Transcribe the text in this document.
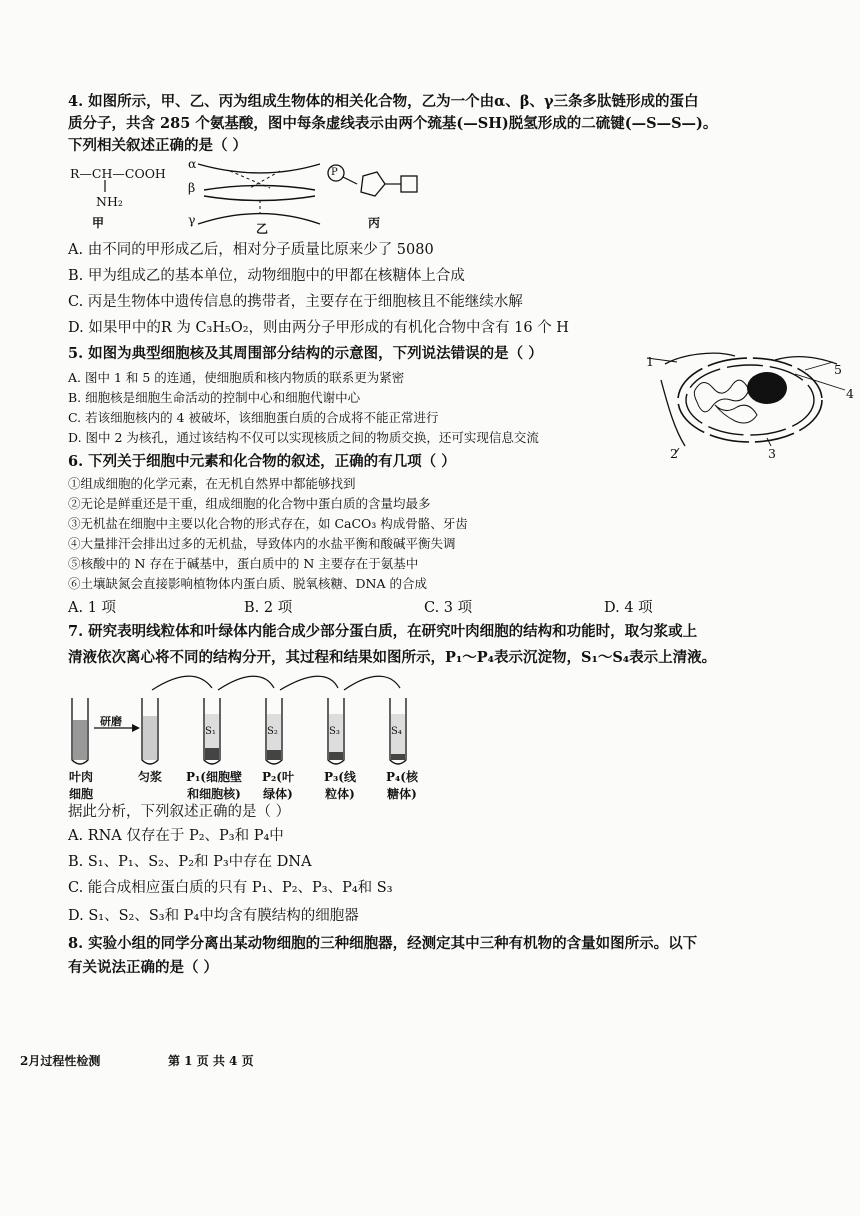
4. 如图所示，甲、乙、丙为组成生物体的相关化合物，乙为一个由α、β、γ三条多肽链形成的蛋白
质分子，共含 285 个氨基酸，图中每条虚线表示由两个巯基(—SH)脱氢形成的二硫键(—S—S—)。
下列相关叙述正确的是（ ）
R—CH—COOH
NH₂
α
β
γ
P
甲	乙	丙
A. 由不同的甲形成乙后，相对分子质量比原来少了 5080
B. 甲为组成乙的基本单位，动物细胞中的甲都在核糖体上合成
C. 丙是生物体中遗传信息的携带者，主要存在于细胞核且不能继续水解
D. 如果甲中的R 为 C₃H₅O₂，则由两分子甲形成的有机化合物中含有 16 个 H
5. 如图为典型细胞核及其周围部分结构的示意图，下列说法错误的是（ ）
A. 图中 1 和 5 的连通，使细胞质和核内物质的联系更为紧密
B. 细胞核是细胞生命活动的控制中心和细胞代谢中心
C. 若该细胞核内的 4 被破坏，该细胞蛋白质的合成将不能正常进行
D. 图中 2 为核孔，通过该结构不仅可以实现核质之间的物质交换，还可实现信息交流
1
2	3
4
5
6. 下列关于细胞中元素和化合物的叙述，正确的有几项（ ）
①组成细胞的化学元素，在无机自然界中都能够找到
②无论是鲜重还是干重，组成细胞的化合物中蛋白质的含量均最多
③无机盐在细胞中主要以化合物的形式存在，如 CaCO₃ 构成骨骼、牙齿
④大量排汗会排出过多的无机盐，导致体内的水盐平衡和酸碱平衡失调
⑤核酸中的 N 存在于碱基中，蛋白质中的 N 主要存在于氨基中
⑥土壤缺氮会直接影响植物体内蛋白质、脱氧核糖、DNA 的合成
A. 1 项	B. 2 项	C. 3 项	D. 4 项
7. 研究表明线粒体和叶绿体内能合成少部分蛋白质，在研究叶肉细胞的结构和功能时，取匀浆或上
清液依次离心将不同的结构分开，其过程和结果如图所示，P₁～P₄表示沉淀物，S₁～S₄表示上清液。
研磨
S₁	S₂	S₃	S₄
叶肉
细胞
匀浆	P₁(细胞壁
和细胞核)
P₂(叶
绿体)
P₃(线
粒体)
P₄(核
糖体)
据此分析，下列叙述正确的是（ ）
A. RNA 仅存在于 P₂、P₃和 P₄中
B. S₁、P₁、S₂、P₂和 P₃中存在 DNA
C. 能合成相应蛋白质的只有 P₁、P₂、P₃、P₄和 S₃
D. S₁、S₂、S₃和 P₄中均含有膜结构的细胞器
8. 实验小组的同学分离出某动物细胞的三种细胞器，经测定其中三种有机物的含量如图所示。以下
有关说法正确的是（ ）
2月过程性检测	第 1 页 共 4 页
